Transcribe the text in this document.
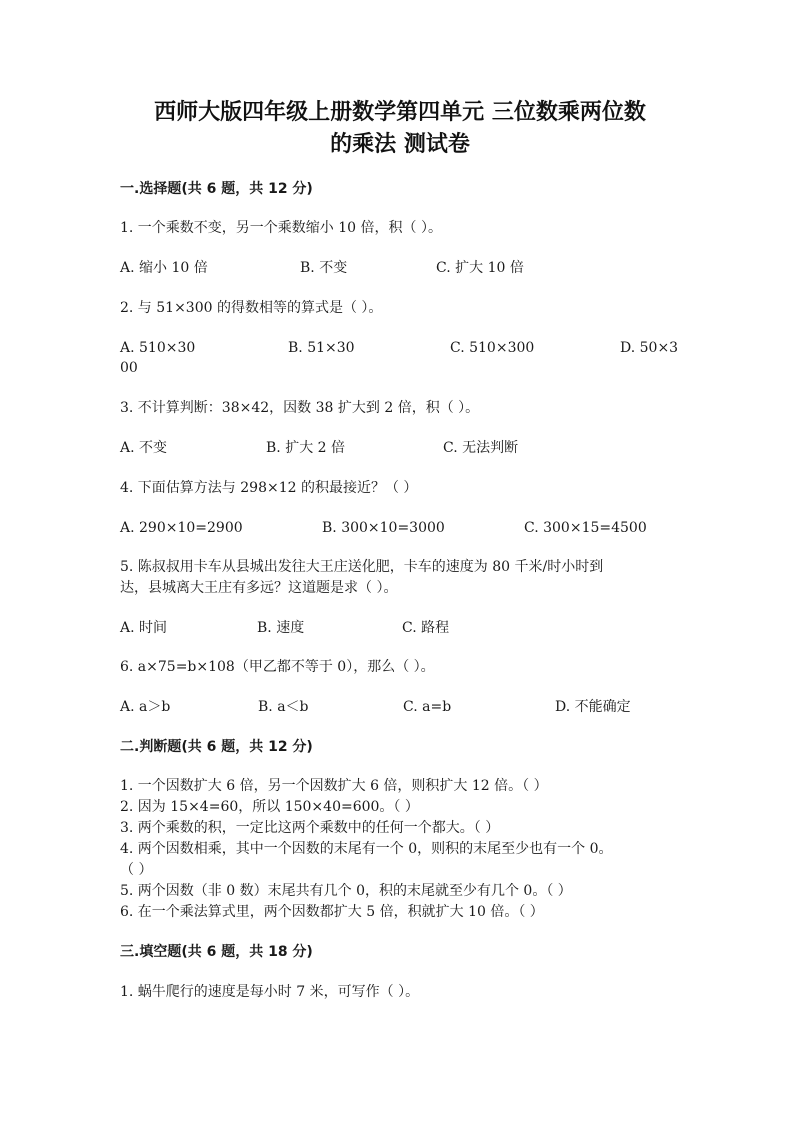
西师大版四年级上册数学第四单元 三位数乘两位数
的乘法 测试卷
一.选择题(共 6 题，共 12 分)
1. 一个乘数不变，另一个乘数缩小 10 倍，积（ ）。
A. 缩小 10 倍	B. 不变	C. 扩大 10 倍
2. 与 51×300 的得数相等的算式是（ ）。
A. 510×30	B. 51×30	C. 510×300	D. 50×3
00
3. 不计算判断：38×42，因数 38 扩大到 2 倍，积（ ）。
A. 不变	B. 扩大 2 倍	C. 无法判断
4. 下面估算方法与 298×12 的积最接近？（ ）
A. 290×10=2900	B. 300×10=3000	C. 300×15=4500
5. 陈叔叔用卡车从县城出发往大王庄送化肥，卡车的速度为 80 千米/时小时到
达，县城离大王庄有多远？这道题是求（ ）。
A. 时间	B. 速度	C. 路程
6. a×75=b×108（甲乙都不等于 0），那么（ ）。
A. a＞b	B. a＜b	C. a=b	D. 不能确定
二.判断题(共 6 题，共 12 分)
1. 一个因数扩大 6 倍，另一个因数扩大 6 倍，则积扩大 12 倍。（ ）
2. 因为 15×4=60，所以 150×40=600。（ ）
3. 两个乘数的积，一定比这两个乘数中的任何一个都大。（ ）
4. 两个因数相乘，其中一个因数的末尾有一个 0，则积的末尾至少也有一个 0。
（ ）
5. 两个因数（非 0 数）末尾共有几个 0，积的末尾就至少有几个 0。（ ）
6. 在一个乘法算式里，两个因数都扩大 5 倍，积就扩大 10 倍。（ ）
三.填空题(共 6 题，共 18 分)
1. 蜗牛爬行的速度是每小时 7 米，可写作（ ）。
